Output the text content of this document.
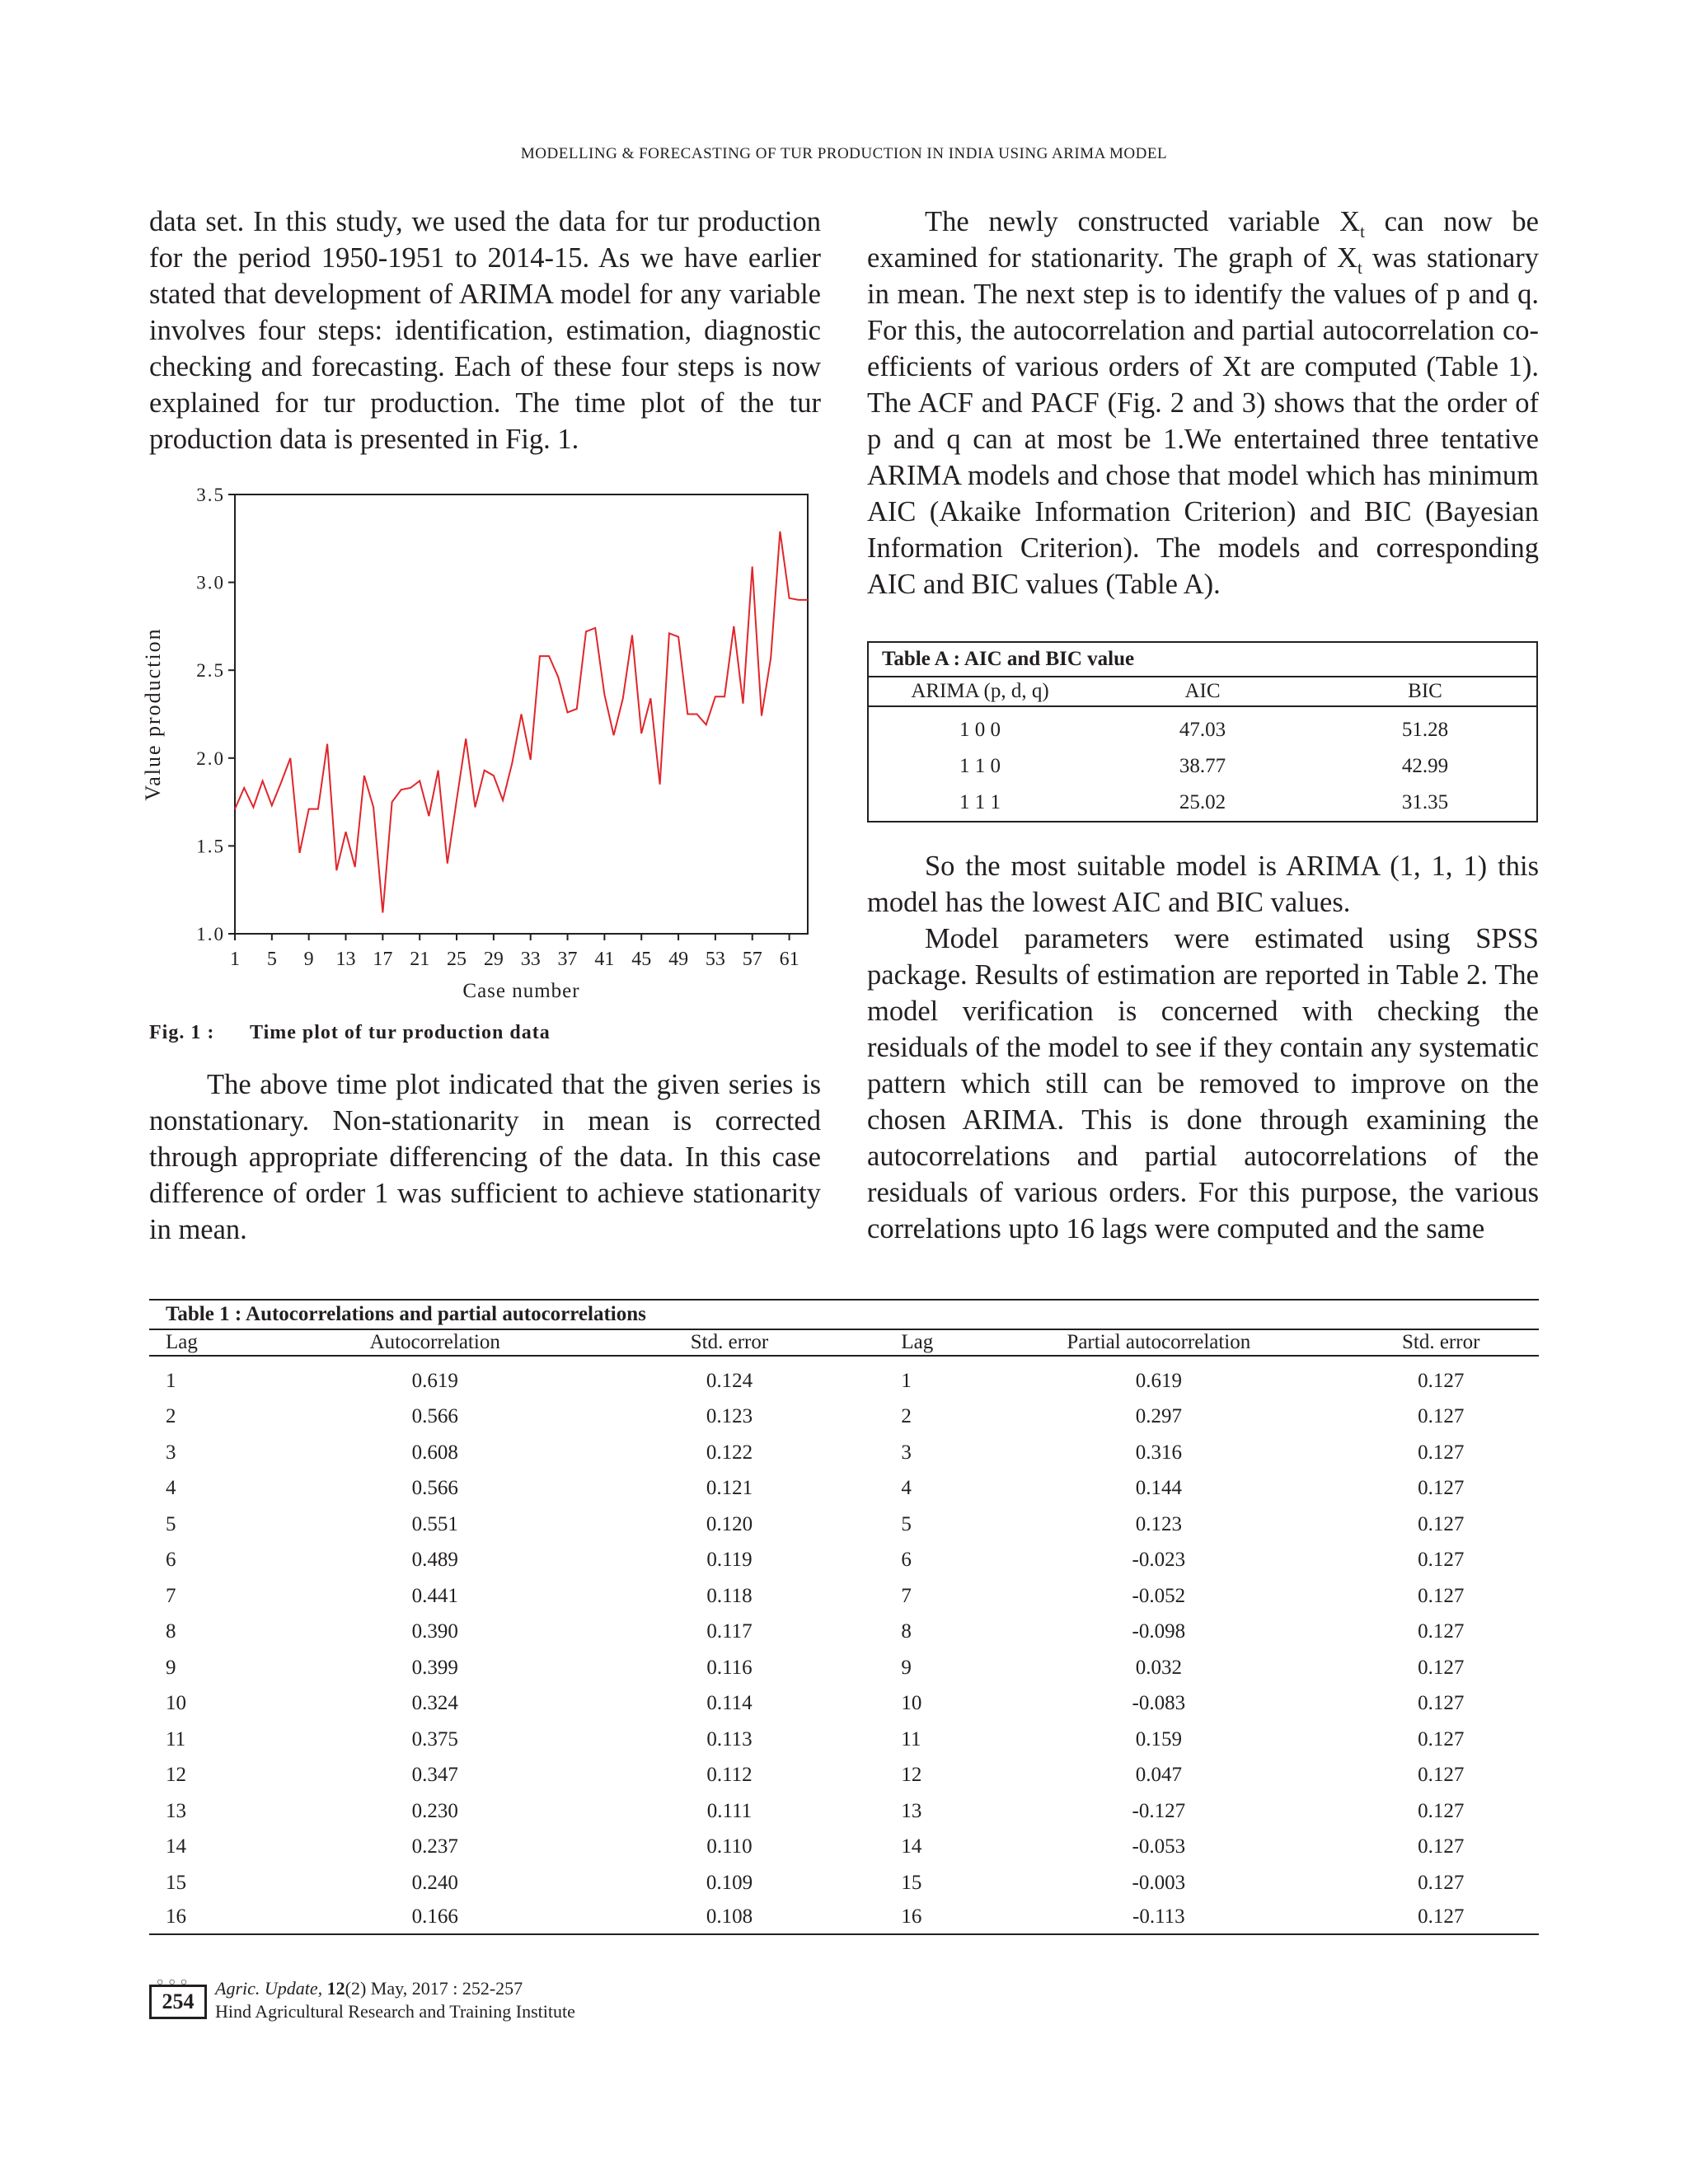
MODELLING & FORECASTING OF TUR PRODUCTION IN INDIA USING ARIMA MODEL

data set. In this study, we used the data for tur production for the period 1950-1951 to 2014-15. As we have earlier stated that development of ARIMA model for any variable involves four steps: identification, estimation, diagnostic checking and forecasting. Each of these four steps is now explained for tur production. The time plot of the tur production data is presented in Fig. 1.

1.0
1.5
2.0
2.5
3.0
3.5
1 5 9 13 17 21 25 29 33 37 41 45 49 53 57 61
Case number
Value production
Fig. 1 : Time plot of tur production data

The above time plot indicated that the given series is nonstationary. Non-stationarity in mean is corrected through appropriate differencing of the data. In this case difference of order 1 was sufficient to achieve stationarity in mean.

The newly constructed variable $X_t$ can now be examined for stationarity. The graph of $X_t$ was stationary in mean. The next step is to identify the values of p and q. For this, the autocorrelation and partial autocorrelation co-efficients of various orders of Xt are computed (Table 1). The ACF and PACF (Fig. 2 and 3) shows that the order of p and q can at most be 1.We entertained three tentative ARIMA models and chose that model which has minimum AIC (Akaike Information Criterion) and BIC (Bayesian Information Criterion). The models and corresponding AIC and BIC values (Table A).

Table A : AIC and BIC value
ARIMA (p, d, q)	AIC	BIC
1 0 0	47.03	51.28
1 1 0	38.77	42.99
1 1 1	25.02	31.35

So the most suitable model is ARIMA (1, 1, 1) this model has the lowest AIC and BIC values.

Model parameters were estimated using SPSS package. Results of estimation are reported in Table 2. The model verification is concerned with checking the residuals of the model to see if they contain any systematic pattern which still can be removed to improve on the chosen ARIMA. This is done through examining the autocorrelations and partial autocorrelations of the residuals of various orders. For this purpose, the various correlations upto 16 lags were computed and the same

Table 1 : Autocorrelations and partial autocorrelations
Lag	Autocorrelation	Std. error	Lag	Partial autocorrelation	Std. error
1	0.619	0.124	1	0.619	0.127
2	0.566	0.123	2	0.297	0.127
3	0.608	0.122	3	0.316	0.127
4	0.566	0.121	4	0.144	0.127
5	0.551	0.120	5	0.123	0.127
6	0.489	0.119	6	-0.023	0.127
7	0.441	0.118	7	-0.052	0.127
8	0.390	0.117	8	-0.098	0.127
9	0.399	0.116	9	0.032	0.127
10	0.324	0.114	10	-0.083	0.127
11	0.375	0.113	11	0.159	0.127
12	0.347	0.112	12	0.047	0.127
13	0.230	0.111	13	-0.127	0.127
14	0.237	0.110	14	-0.053	0.127
15	0.240	0.109	15	-0.003	0.127
16	0.166	0.108	16	-0.113	0.127
○○○
254
Agric. Update, 12(2) May, 2017 : 252-257
Hind Agricultural Research and Training Institute
